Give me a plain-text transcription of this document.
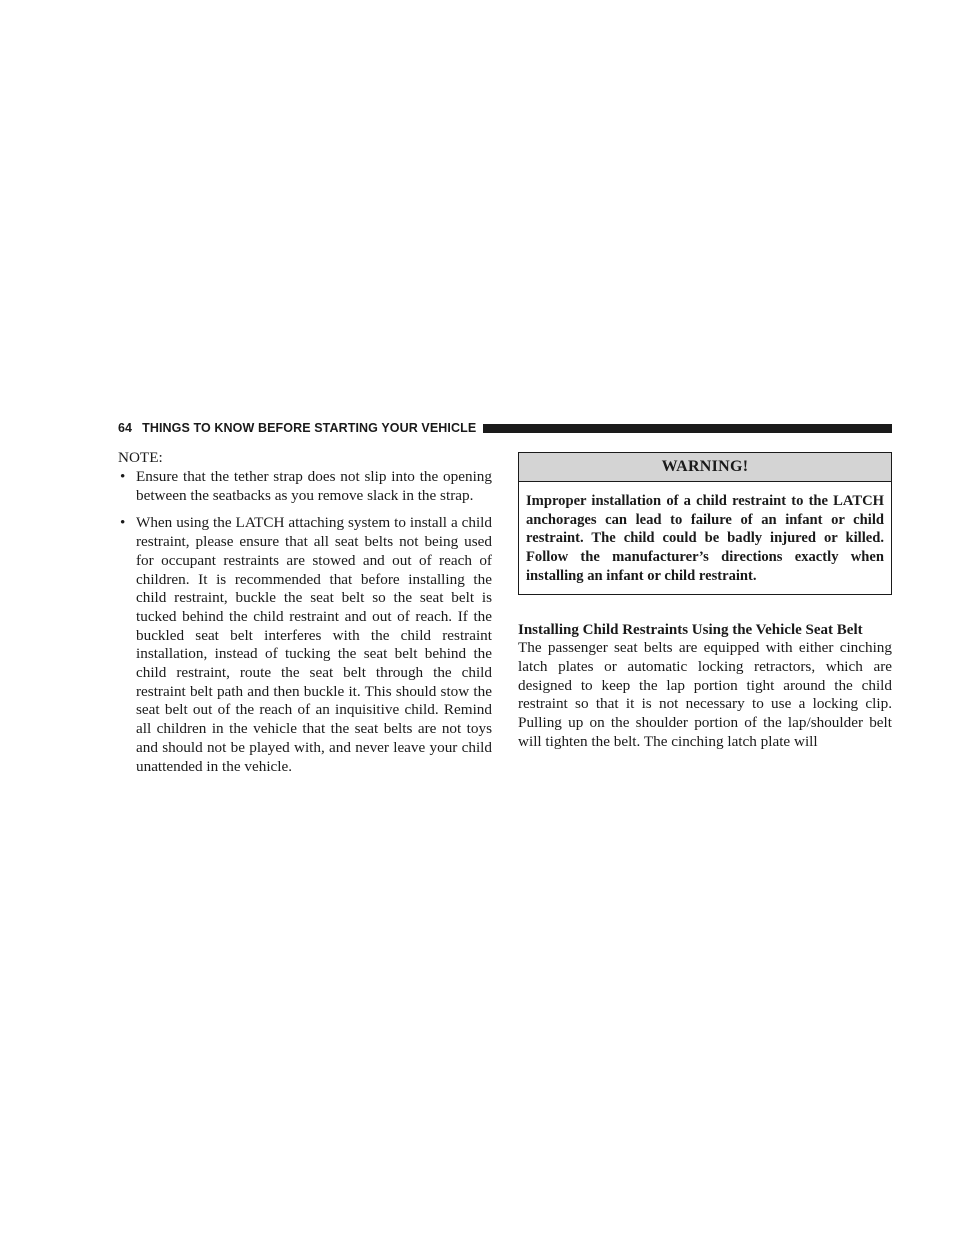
64 THINGS TO KNOW BEFORE STARTING YOUR VEHICLE

NOTE:

• Ensure that the tether strap does not slip into the opening between the seatbacks as you remove slack in the strap.
• When using the LATCH attaching system to install a child restraint, please ensure that all seat belts not being used for occupant restraints are stowed and out of reach of children. It is recommended that before installing the child restraint, buckle the seat belt so the seat belt is tucked behind the child restraint and out of reach. If the buckled seat belt interferes with the child restraint installation, instead of tucking the seat belt behind the child restraint, route the seat belt through the child restraint belt path and then buckle it. This should stow the seat belt out of the reach of an inquisitive child. Remind all children in the vehicle that the seat belts are not toys and should not be played with, and never leave your child unattended in the vehicle.
WARNING!
Improper installation of a child restraint to the LATCH anchorages can lead to failure of an infant or child restraint. The child could be badly injured or killed. Follow the manufacturer’s directions exactly when installing an infant or child restraint.
Installing Child Restraints Using the Vehicle Seat Belt

The passenger seat belts are equipped with either cinching latch plates or automatic locking retractors, which are designed to keep the lap portion tight around the child restraint so that it is not necessary to use a locking clip. Pulling up on the shoulder portion of the lap/shoulder belt will tighten the belt. The cinching latch plate will
